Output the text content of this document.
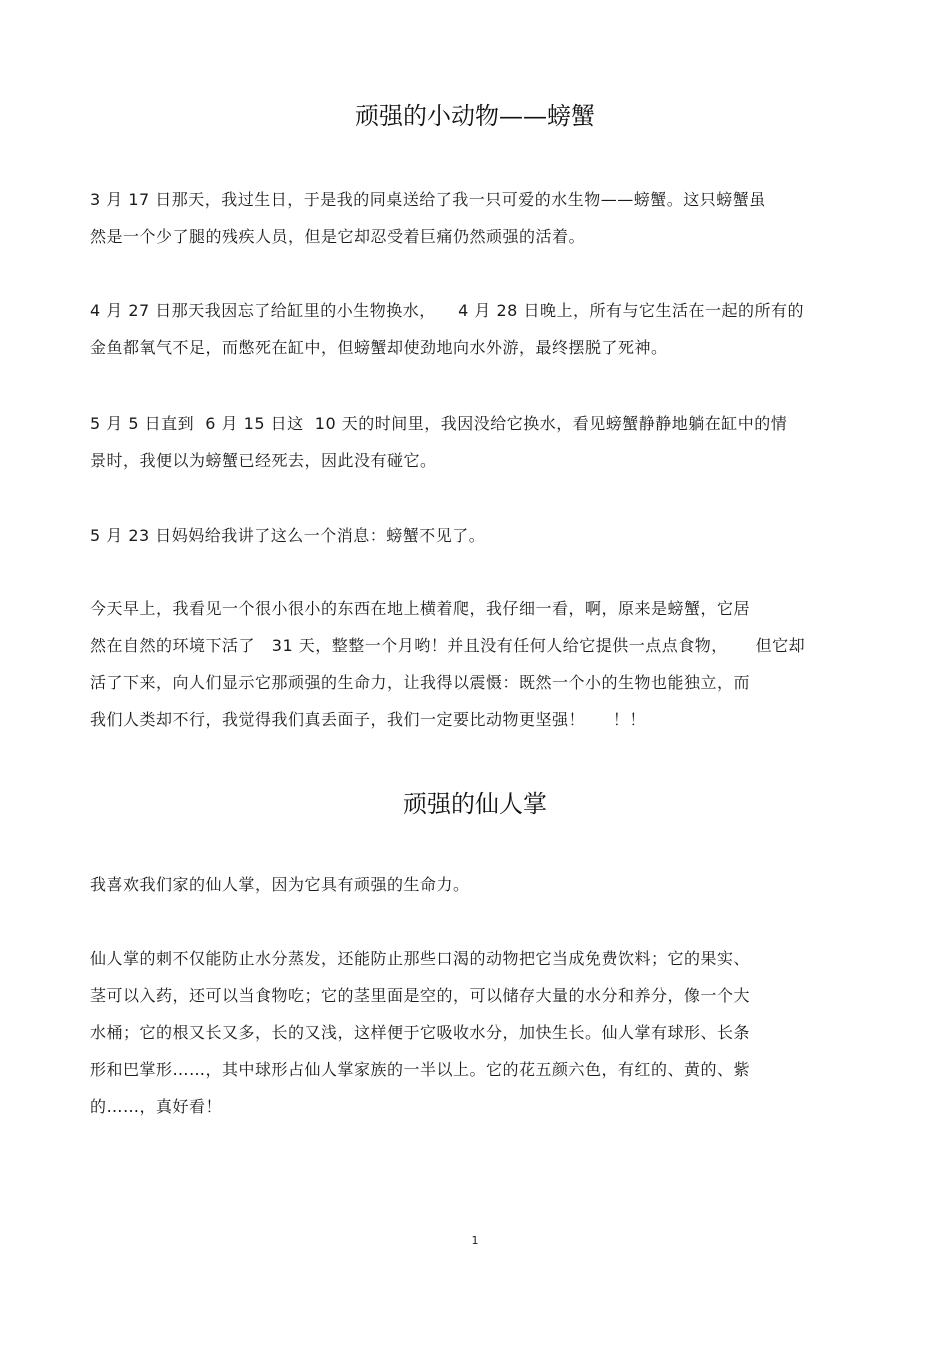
顽强的小动物——螃蟹
3 月 17 日那天，我过生日，于是我的同桌送给了我一只可爱的水生物——螃蟹。这只螃蟹虽
然是一个少了腿的残疾人员，但是它却忍受着巨痛仍然顽强的活着。
4 月 27 日那天我因忘了给缸里的小生物换水，    4 月 28 日晚上，所有与它生活在一起的所有的
金鱼都氧气不足，而憋死在缸中，但螃蟹却使劲地向水外游，最终摆脱了死神。
5 月 5 日直到  6 月 15 日这  10 天的时间里，我因没给它换水，看见螃蟹静静地躺在缸中的情
景时，我便以为螃蟹已经死去，因此没有碰它。
5 月 23 日妈妈给我讲了这么一个消息：螃蟹不见了。
今天早上，我看见一个很小很小的东西在地上横着爬，我仔细一看，啊，原来是螃蟹，它居
然在自然的环境下活了   31 天，整整一个月哟！并且没有任何人给它提供一点点食物，     但它却
活了下来，向人们显示它那顽强的生命力，让我得以震慑：既然一个小的生物也能独立，而
我们人类却不行，我觉得我们真丢面子，我们一定要比动物更坚强！     ！！
顽强的仙人掌
我喜欢我们家的仙人掌，因为它具有顽强的生命力。
仙人掌的刺不仅能防止水分蒸发，还能防止那些口渴的动物把它当成免费饮料；它的果实、
茎可以入药，还可以当食物吃；它的茎里面是空的，可以储存大量的水分和养分，像一个大
水桶；它的根又长又多，长的又浅，这样便于它吸收水分，加快生长。仙人掌有球形、长条
形和巴掌形……，其中球形占仙人掌家族的一半以上。它的花五颜六色，有红的、黄的、紫
的……，真好看！
1
